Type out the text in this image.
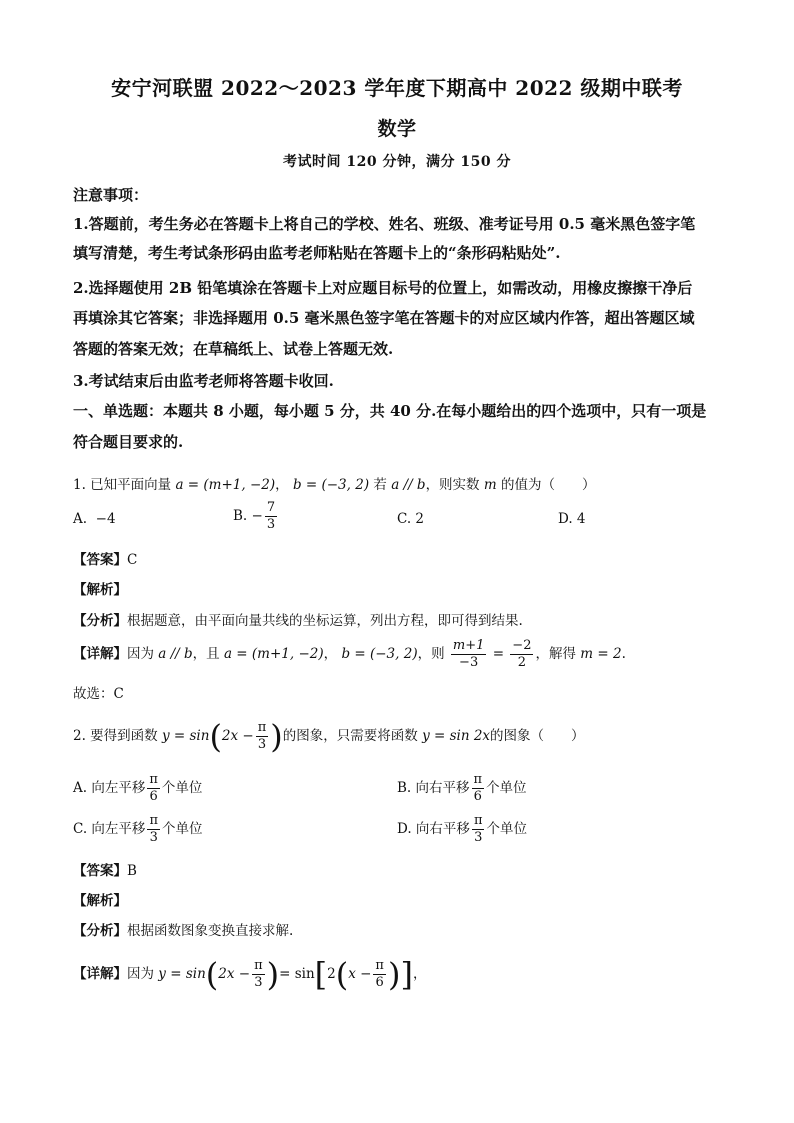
安宁河联盟 2022～2023 学年度下期高中 2022 级期中联考
数学
考试时间 120 分钟，满分 150 分
注意事项：
1.答题前，考生务必在答题卡上将自己的学校、姓名、班级、准考证号用 0.5 毫米黑色签字笔
填写清楚，考生考试条形码由监考老师粘贴在答题卡上的“条形码粘贴处”.
2.选择题使用 2B 铅笔填涂在答题卡上对应题目标号的位置上，如需改动，用橡皮擦擦干净后
再填涂其它答案；非选择题用 0.5 毫米黑色签字笔在答题卡的对应区域内作答，超出答题区域
答题的答案无效；在草稿纸上、试卷上答题无效.
3.考试结束后由监考老师将答题卡收回.
一、单选题：本题共 8 小题，每小题 5 分，共 40 分.在每小题给出的四个选项中，只有一项是
符合题目要求的.
1. 已知平面向量 a = (m+1, −2)， b = (−3, 2) 若 a // b，则实数 m 的值为（　　）
A. −4	B. − $\frac{7}{3}$	C. 2	D. 4
【答案】C
【解析】
【分析】根据题意，由平面向量共线的坐标运算，列出方程，即可得到结果.
【详解】因为 a // b，且 a = (m+1, −2)， b = (−3, 2)，则 $\frac{m+1}{-3} = \frac{-2}{2}$ ，解得 m = 2.
故选：C
2. 要得到函数 $y = \sin(2x - \frac{\pi}{3}$ )的图象，只需要将函数 y = sin 2x的图象（　　）
A. 向左平移 $\frac{\pi}{6}$ 个单位	B. 向右平移 $\frac{\pi}{6}$ 个单位
C. 向左平移 $\frac{\pi}{3}$ 个单位	D. 向右平移 $\frac{\pi}{3}$ 个单位
【答案】B
【解析】
【分析】根据函数图象变换直接求解.
【详解】因为 $y = \sin(2x - \frac{\pi}{3}$ )= $\sin[2(x - \frac{\pi}{6}$ )]，
